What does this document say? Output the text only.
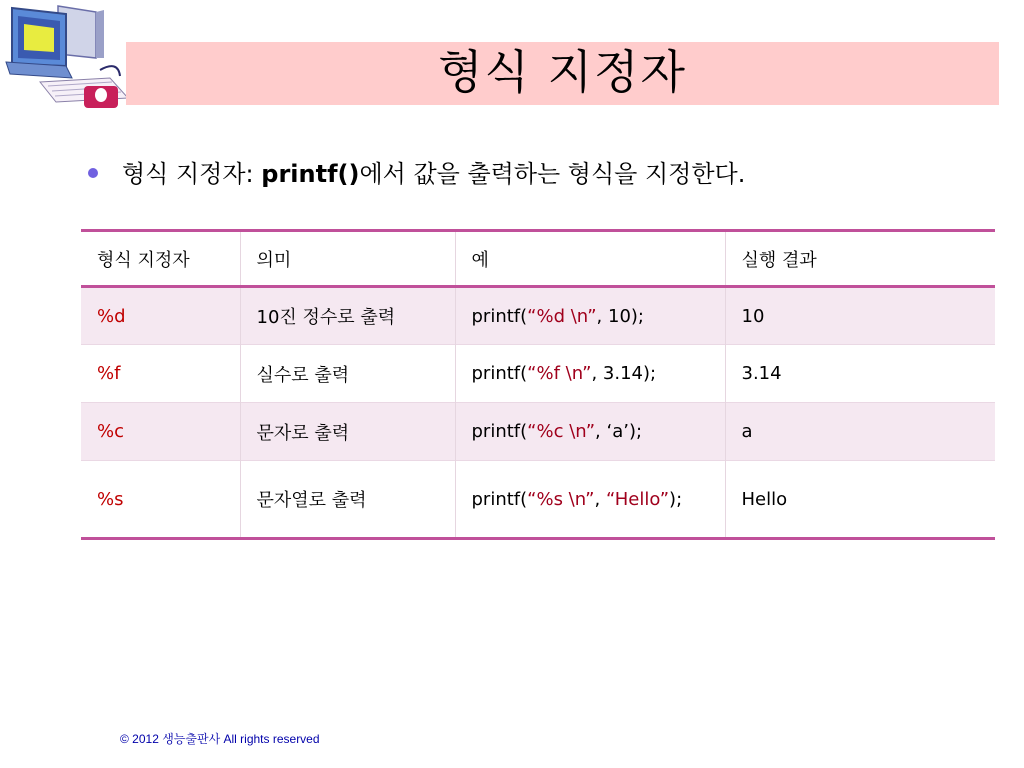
형식 지정자
형식 지정자: printf()에서 값을 출력하는 형식을 지정한다.
형식 지정자	의미	예	실행 결과
%d	10진 정수로 출력	printf(“%d \n”, 10);	10
%f	실수로 출력	printf(“%f \n”, 3.14);	3.14
%c	문자로 출력	printf(“%c \n”, ‘a’);	a
%s	문자열로 출력	printf(“%s \n”, “Hello”);	Hello
© 2012 생능출판사 All rights reserved
